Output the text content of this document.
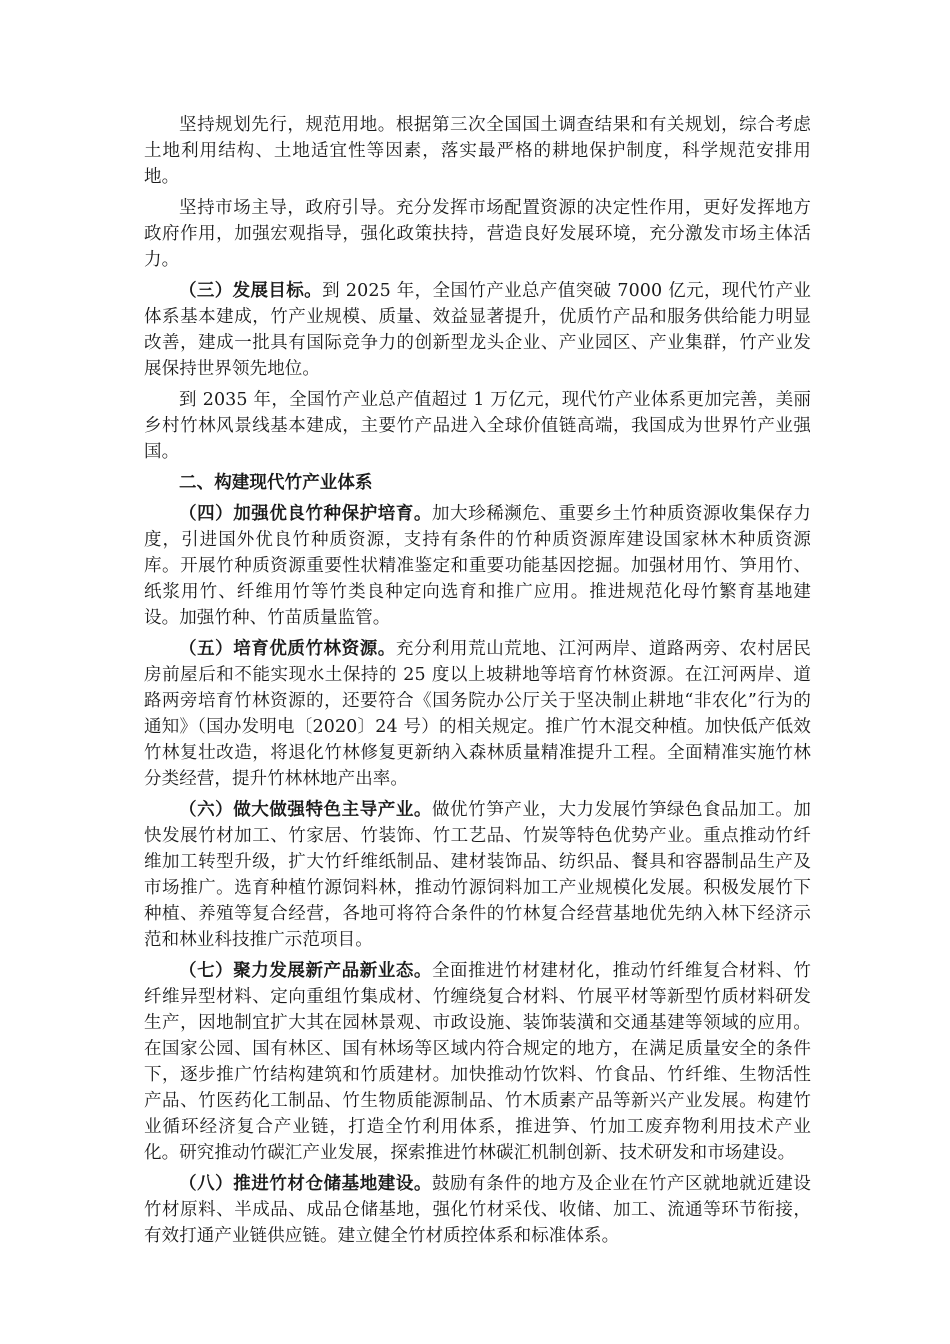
坚持规划先行，规范用地。根据第三次全国国土调查结果和有关规划，综合考虑土地利用结构、土地适宜性等因素，落实最严格的耕地保护制度，科学规范安排用地。

坚持市场主导，政府引导。充分发挥市场配置资源的决定性作用，更好发挥地方政府作用，加强宏观指导，强化政策扶持，营造良好发展环境，充分激发市场主体活力。

（三）发展目标。到 2025 年，全国竹产业总产值突破 7000 亿元，现代竹产业体系基本建成，竹产业规模、质量、效益显著提升，优质竹产品和服务供给能力明显改善，建成一批具有国际竞争力的创新型龙头企业、产业园区、产业集群，竹产业发展保持世界领先地位。

到 2035 年，全国竹产业总产值超过 1 万亿元，现代竹产业体系更加完善，美丽乡村竹林风景线基本建成，主要竹产品进入全球价值链高端，我国成为世界竹产业强国。

二、构建现代竹产业体系

（四）加强优良竹种保护培育。加大珍稀濒危、重要乡土竹种质资源收集保存力度，引进国外优良竹种质资源，支持有条件的竹种质资源库建设国家林木种质资源库。开展竹种质资源重要性状精准鉴定和重要功能基因挖掘。加强材用竹、笋用竹、纸浆用竹、纤维用竹等竹类良种定向选育和推广应用。推进规范化母竹繁育基地建设。加强竹种、竹苗质量监管。

（五）培育优质竹林资源。充分利用荒山荒地、江河两岸、道路两旁、农村居民房前屋后和不能实现水土保持的 25 度以上坡耕地等培育竹林资源。在江河两岸、道路两旁培育竹林资源的，还要符合《国务院办公厅关于坚决制止耕地“非农化”行为的通知》（国办发明电〔2020〕24 号）的相关规定。推广竹木混交种植。加快低产低效竹林复壮改造，将退化竹林修复更新纳入森林质量精准提升工程。全面精准实施竹林分类经营，提升竹林林地产出率。

（六）做大做强特色主导产业。做优竹笋产业，大力发展竹笋绿色食品加工。加快发展竹材加工、竹家居、竹装饰、竹工艺品、竹炭等特色优势产业。重点推动竹纤维加工转型升级，扩大竹纤维纸制品、建材装饰品、纺织品、餐具和容器制品生产及市场推广。选育种植竹源饲料林，推动竹源饲料加工产业规模化发展。积极发展竹下种植、养殖等复合经营，各地可将符合条件的竹林复合经营基地优先纳入林下经济示范和林业科技推广示范项目。

（七）聚力发展新产品新业态。全面推进竹材建材化，推动竹纤维复合材料、竹纤维异型材料、定向重组竹集成材、竹缠绕复合材料、竹展平材等新型竹质材料研发生产，因地制宜扩大其在园林景观、市政设施、装饰装潢和交通基建等领域的应用。在国家公园、国有林区、国有林场等区域内符合规定的地方，在满足质量安全的条件下，逐步推广竹结构建筑和竹质建材。加快推动竹饮料、竹食品、竹纤维、生物活性产品、竹医药化工制品、竹生物质能源制品、竹木质素产品等新兴产业发展。构建竹业循环经济复合产业链，打造全竹利用体系，推进笋、竹加工废弃物利用技术产业化。研究推动竹碳汇产业发展，探索推进竹林碳汇机制创新、技术研发和市场建设。

（八）推进竹材仓储基地建设。鼓励有条件的地方及企业在竹产区就地就近建设竹材原料、半成品、成品仓储基地，强化竹材采伐、收储、加工、流通等环节衔接，有效打通产业链供应链。建立健全竹材质控体系和标准体系。
